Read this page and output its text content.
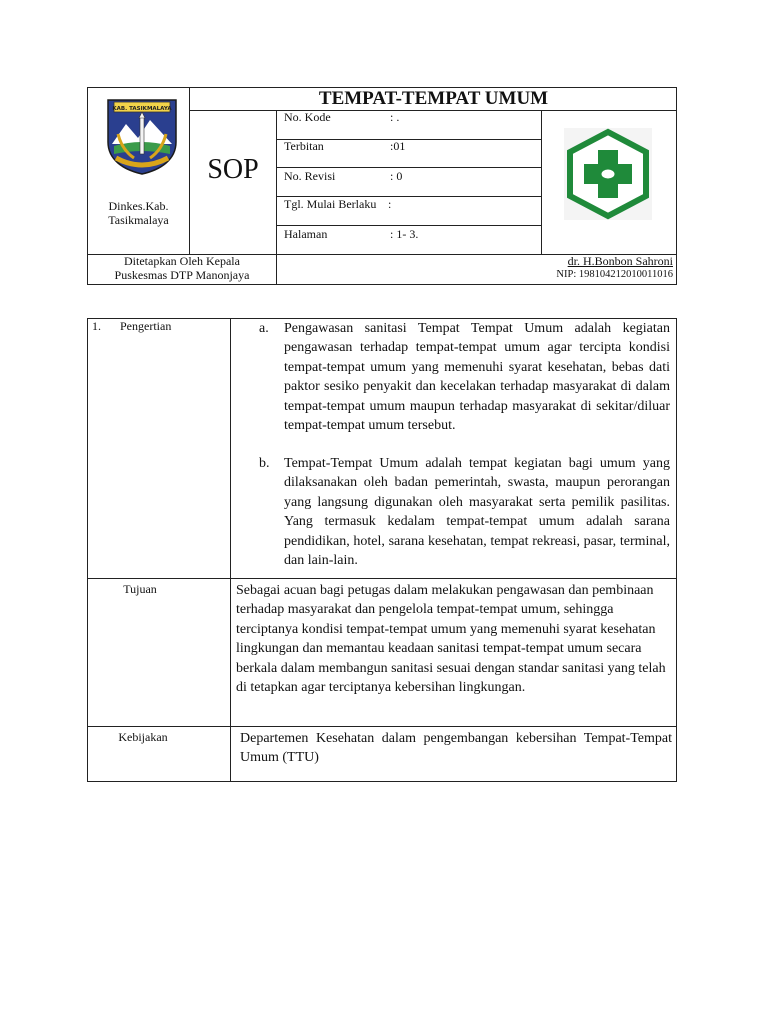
KAB. TASIKMALAYA
Dinkes.Kab.
Tasikmalaya
SOP
TEMPAT-TEMPAT UMUM
No. Kode	: .
Terbitan	:01
No. Revisi	: 0
Tgl. Mulai Berlaku :
Halaman	: 1- 3.
Ditetapkan Oleh Kepala
Puskesmas DTP Manonjaya
dr. H.Bonbon Sahroni
NIP: 198104212010011016
1. Pengertian	a. Pengawasan sanitasi Tempat Tempat Umum adalah kegiatan pengawasan terhadap tempat-tempat umum agar tercipta kondisi tempat-tempat umum yang memenuhi syarat kesehatan, bebas dati paktor sesiko penyakit dan kecelakan terhadap masyarakat di dalam tempat-tempat umum maupun terhadap masyarakat di sekitar/diluar tempat-tempat umum tersebut.
b. Tempat-Tempat Umum adalah tempat kegiatan bagi umum yang dilaksanakan oleh badan pemerintah, swasta, maupun perorangan yang langsung digunakan oleh masyarakat serta pemilik pasilitas. Yang termasuk kedalam tempat-tempat umum adalah sarana pendidikan, hotel, sarana kesehatan, tempat rekreasi, pasar, terminal, dan lain-lain.
Tujuan	Sebagai acuan bagi petugas dalam melakukan pengawasan dan pembinaan terhadap masyarakat dan pengelola tempat-tempat umum, sehingga terciptanya kondisi tempat-tempat umum yang memenuhi syarat kesehatan lingkungan dan memantau keadaan sanitasi tempat-tempat umum secara berkala dalam membangun sanitasi sesuai dengan standar sanitasi yang telah di tetapkan agar terciptanya kebersihan lingkungan.
Kebijakan	Departemen Kesehatan dalam pengembangan kebersihan Tempat-Tempat Umum (TTU)
